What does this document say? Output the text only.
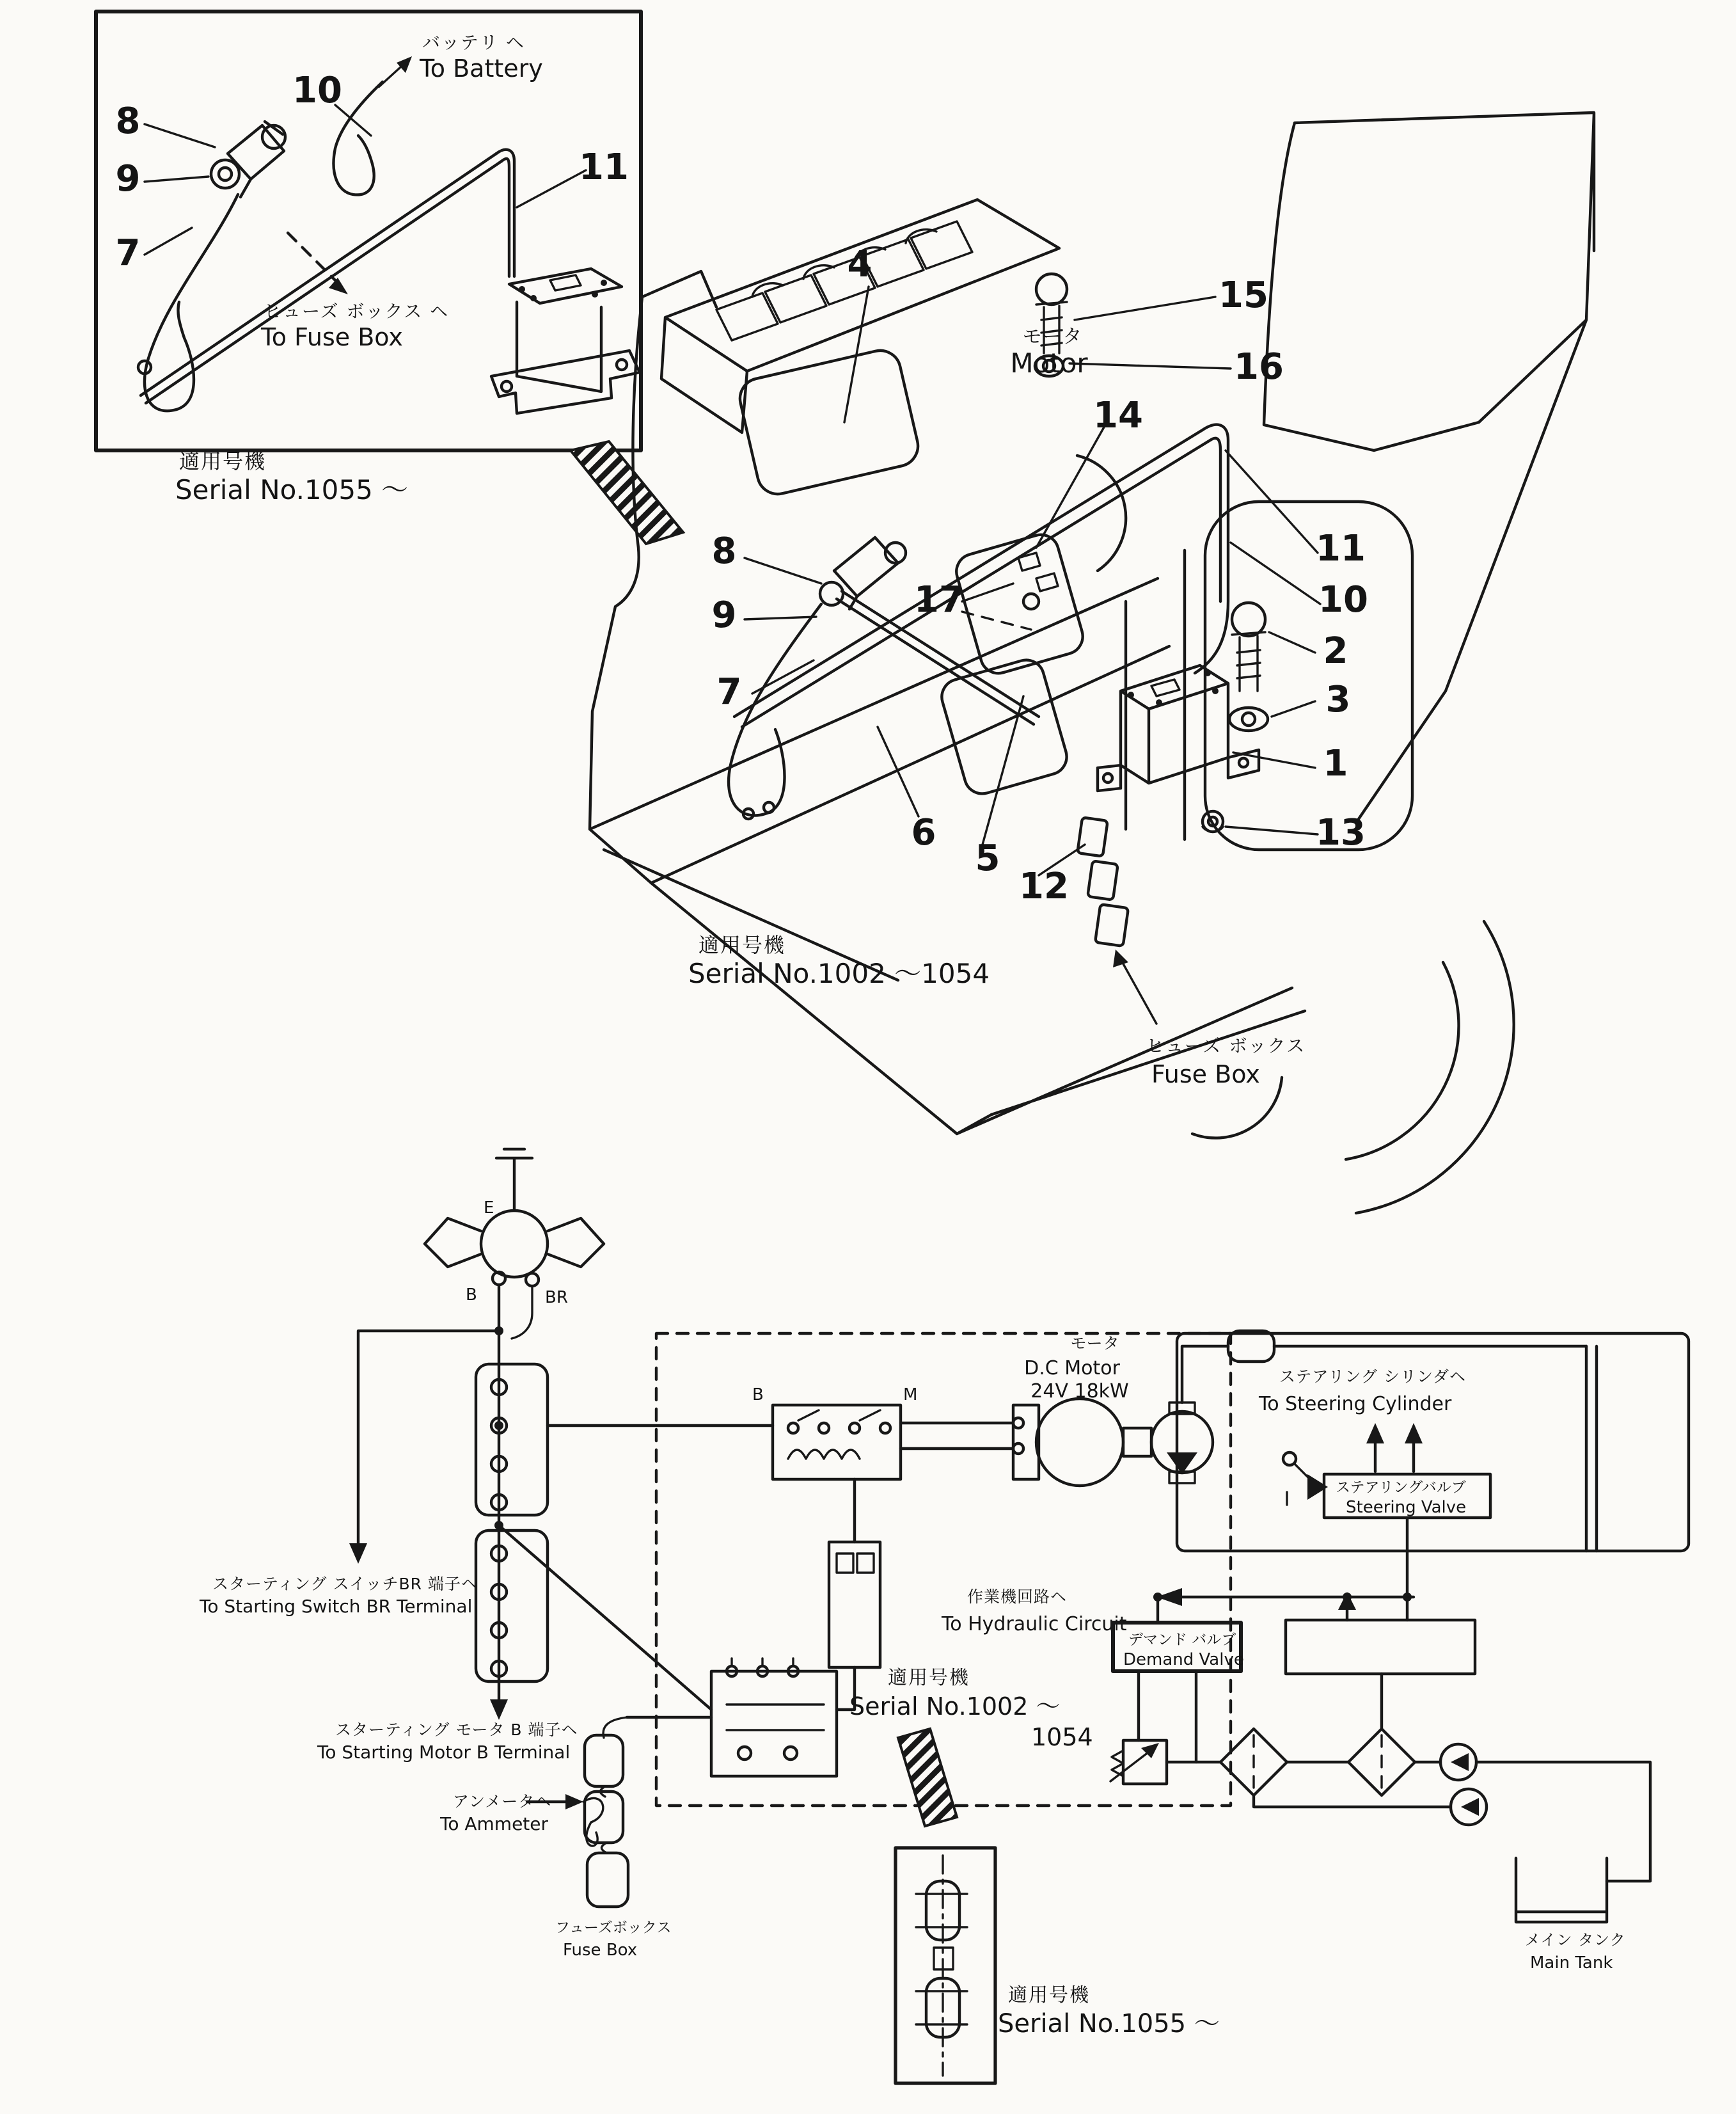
8
9
7
10
11
バッテリ ヘ
To Battery
ヒューズ ボックス ヘ
To Fuse Box
適用号機
Serial No.1055 ～
4
15
16
14
8
9	17
7
6
5
12
11
10
2
3
1
13
モータ
Motor
適用号機
Serial No.1002 ～1054
ヒューズ ボックス
Fuse Box
E
B	BR
B	M
モータ
D.C Motor
24V 18kW
ステアリング シリンダヘ
To Steering Cylinder
ステアリングバルブ
Steering Valve
作業機回路ヘ
To Hydraulic Circuit
デマンド バルブ
Demand Valve
メイン タンク
Main Tank
適用号機
Serial No.1002 ～
1054
スターティング スイッチBR 端子ヘ
To Starting Switch BR Terminal
スターティング モータ B 端子ヘ
To Starting Motor B Terminal
アンメータヘ
To Ammeter
フューズボックス
Fuse Box
適用号機
Serial No.1055 ～
